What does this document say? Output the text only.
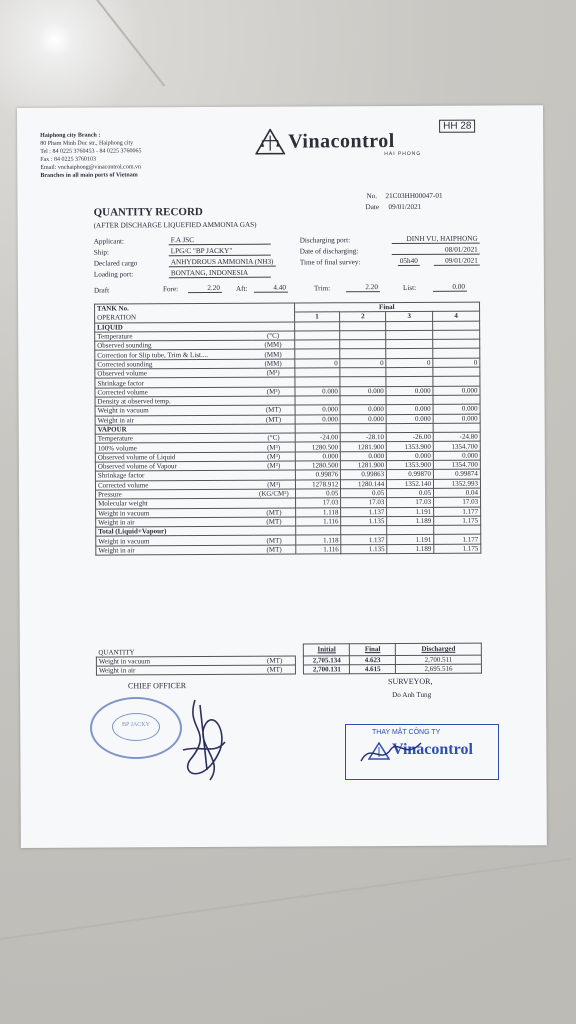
Haiphong city Branch :
80 Pham Minh Duc str., Haiphong city
Tel : 84 0225 3760453 - 84 0225 3760065
Fax : 84 0225 3760103
Email: vnchaiphong@vinacontrol.com.vn
Branches in all main ports of Vietnam
Vinacontrol
HAI PHONG
HH 28
No. 21C03HH00047-01
Date 09/01/2021
QUANTITY RECORD
(AFTER DISCHARGE LIQUEFIED AMMONIA GAS)
Applicant:	F.A JSC
Ship:	LPG/C "BP JACKY"
Declared cargo	ANHYDROUS AMMONIA (NH3)
Loading port:	BONTANG, INDONESIA
Discharging port:	DINH VU, HAIPHONG
Date of discharging:	08/01/2021
Time of final survey:	05h40	09/01/2021
Draft	Fore:	2.20 Aft:	4.40	Trim:	2.20	List:	0.00
TANK No.		Final			
OPERATION		1	2	3	4
LIQUID					
Temperature	(°C)				
Observed sounding	(MM)				
Correction for Slip tube, Trim & List....	(MM)				
Corrected sounding	(MM)	0	0	0	0
Observed volume	(M³)				
Shrinkage factor					
Corrected volume	(M³)	0.000	0.000	0.000	0.000
Density at observed temp.					
Weight in vacuum	(MT)	0.000	0.000	0.000	0.000
Weight in air	(MT)	0.000	0.000	0.000	0.000
VAPOUR					
Temperature	(°C)	-24.00	-28.10	-26.00	-24.80
100% volume	(M³)	1280.500	1281.900	1353.900	1354.700
Observed volume of Liquid	(M³)	0.000	0.000	0.000	0.000
Observed volume of Vapour	(M³)	1280.500	1281.900	1353.900	1354.700
Shrinkage factor		0.99876	0.99863	0.99870	0.99874
Corrected volume	(M³)	1278.912	1280.144	1352.140	1352.993
Pressure	(KG/CM²)	0.05	0.05	0.05	0.04
Molecular weight		17.03	17.03	17.03	17.03
Weight in vacuum	(MT)	1.118	1.137	1.191	1.177
Weight in air	(MT)	1.116	1.135	1.189	1.175
Total (Liquid+Vapour)					
Weight in vacuum	(MT)	1.118	1.137	1.191	1.177
Weight in air	(MT)	1.116	1.135	1.189	1.175
QUANTITY			Initial	Final	Discharged
Weight in vacuum	(MT)		2,705.134	4.623	2,700.511
Weight in air	(MT)		2,700.131	4.615	2,695.516
CHIEF OFFICER	SURVEYOR,
Do Anh Tung
BP JACKY
THAY MẶT CÔNG TY
Vinacontrol
